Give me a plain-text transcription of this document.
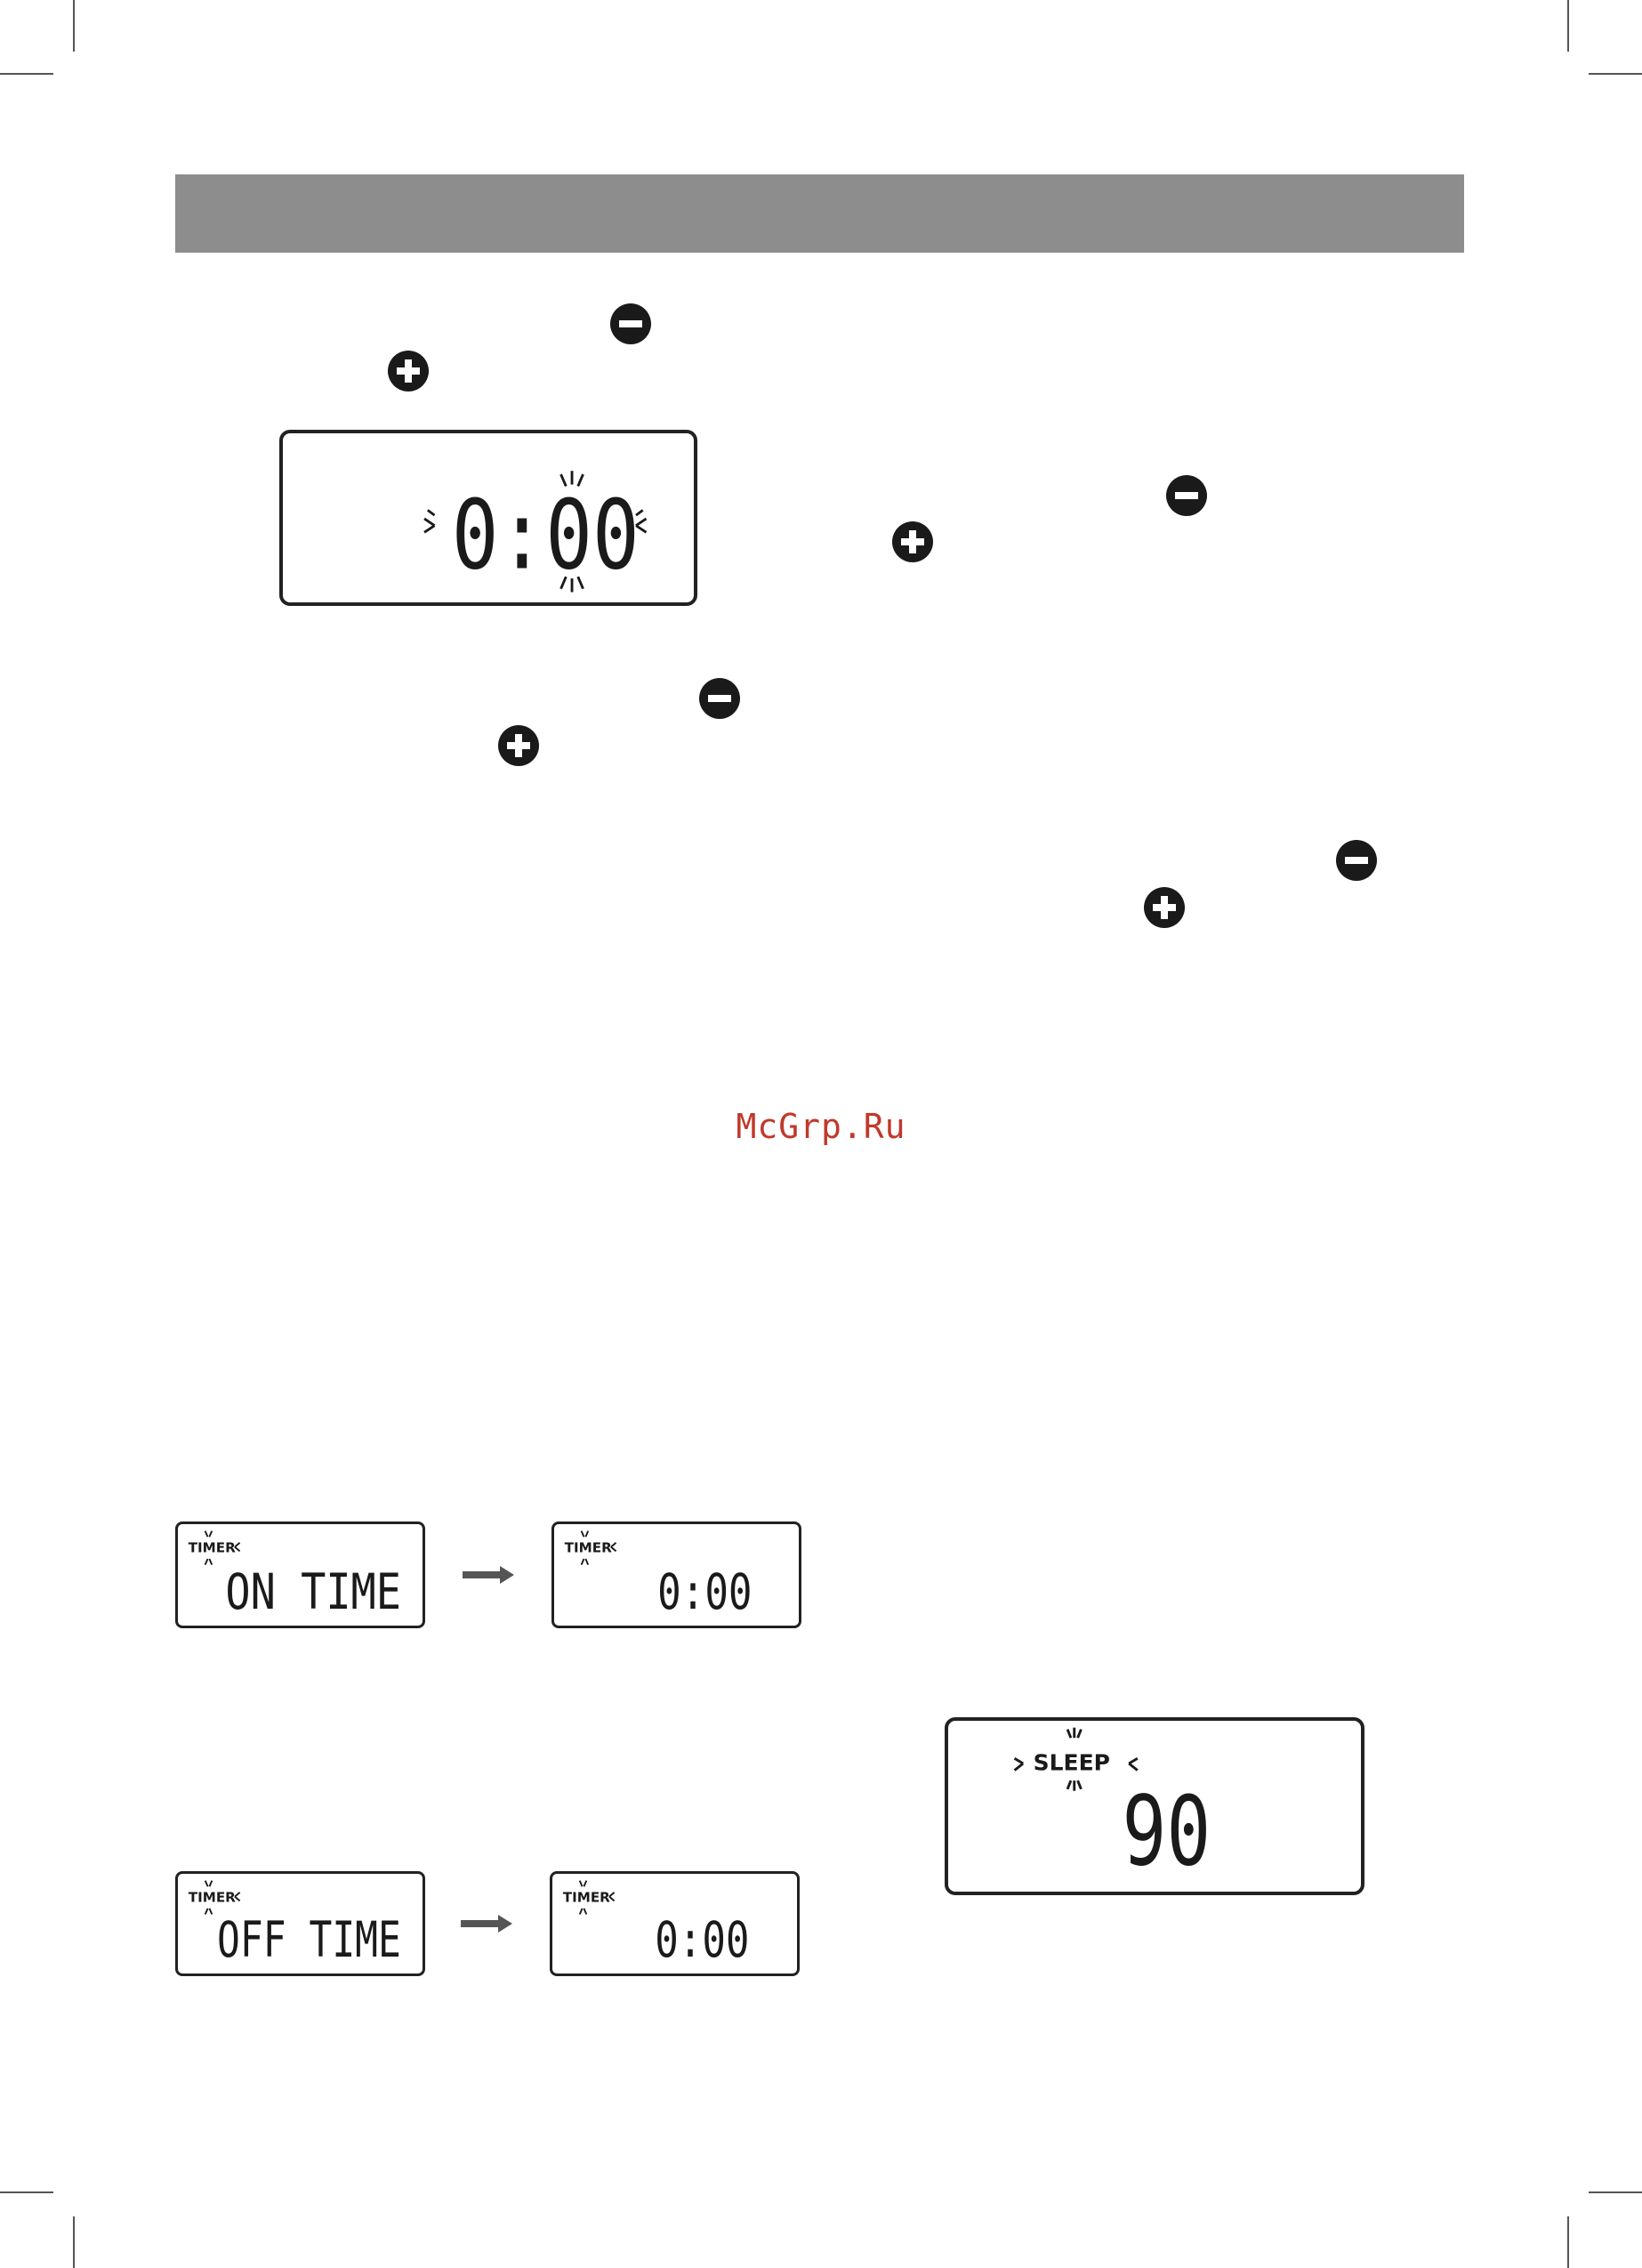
0:00
McGrp.Ru
TIMER
ON TIME
TIMER
0:00
TIMER
OFF TIME
TIMER
0:00
SLEEP
90
